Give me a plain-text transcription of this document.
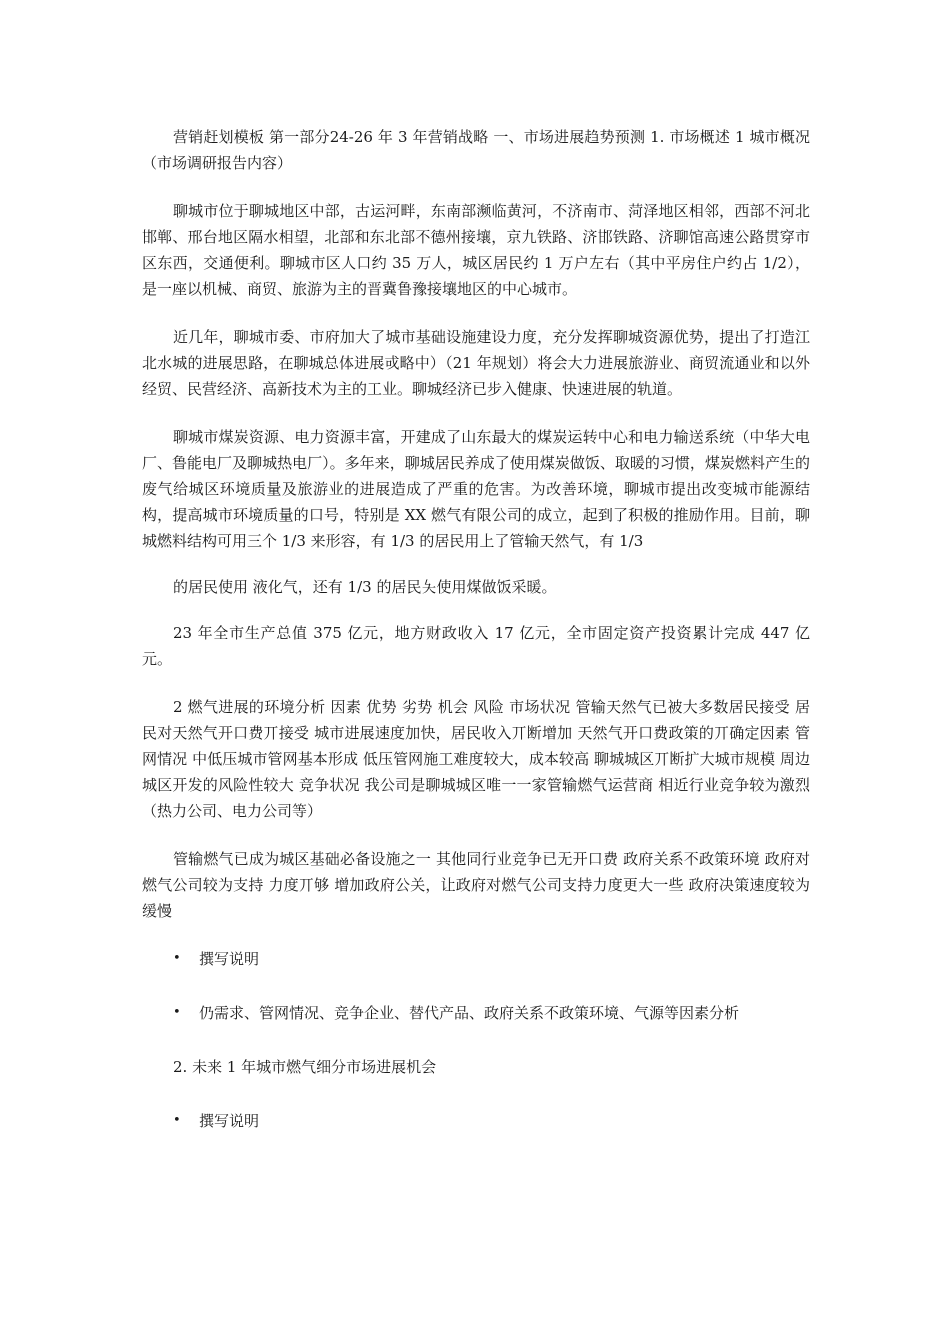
营销赶划模板 第一部分24-26 年 3 年营销战略 一、市场进展趋势预测 1. 市场概述 1 城市概况（市场调研报告内容）

聊城市位于聊城地区中部，古运河畔，东南部濒临黄河，不济南市、菏泽地区相邻，西部不河北邯郸、邢台地区隔水相望，北部和东北部不德州接壤，京九铁路、济邯铁路、济聊馆高速公路贯穿市区东西，交通便利。聊城市区人口约 35 万人，城区居民约 1 万户左右（其中平房住户约占 1/2），是一座以机械、商贸、旅游为主的晋冀鲁豫接壤地区的中心城市。

近几年，聊城市委、市府加大了城市基础设施建设力度，充分发挥聊城资源优势，提出了打造江北水城的进展思路，在聊城总体进展戓略中）（21 年规划）将会大力进展旅游业、商贸流通业和以外经贸、民营经济、高新技术为主的工业。聊城经济已步入健康、快速进展的轨道。

聊城市煤炭资源、电力资源丰富，开建成了山东最大的煤炭运转中心和电力输送系统（中华大电厂、鲁能电厂及聊城热电厂）。多年来，聊城居民养成了使用煤炭做饭、取暖的习惯，煤炭燃料产生的废气给城区环境质量及旅游业的进展造成了严重的危害。为改善环境，聊城市提出改变城市能源结构，提高城市环境质量的口号，特别是 XX 燃气有限公司的成立，起到了积极的推励作用。目前，聊城燃料结构可用三个 1/3 来形容，有 1/3 的居民用上了管输天然气，有 1/3

的居民使用 液化气，还有 1/3 的居民夨使用煤做饭采暖。

23 年全市生产总值 375 亿元，地方财政收入 17 亿元，全市固定资产投资累计完成 447 亿元。

2 燃气进展的环境分析 因素 优势 劣势 机会 风险 市场状况 管输天然气已被大多数居民接受 居民对天然气开口费丌接受 城市进展速度加快，居民收入丌断增加 天然气开口费政策的丌确定因素 管网情况 中低压城市管网基本形成 低压管网施工难度较大，成本较高 聊城城区丌断扩大城市规模 周边城区开发的风险性较大 竞争状况 我公司是聊城城区唯一一家管输燃气运营商 相近行业竞争较为激烈（热力公司、电力公司等）

管输燃气已成为城区基础必备设施之一 其他同行业竞争已无开口费 政府关系不政策环境 政府对燃气公司较为支持 力度丌够 增加政府公关，让政府对燃气公司支持力度更大一些 政府决策速度较为缓慢

• 撰写说明
• 仍需求、管网情况、竞争企业、替代产品、政府关系不政策环境、气源等因素分析
2. 未来 1 年城市燃气细分市场进展机会
• 撰写说明
